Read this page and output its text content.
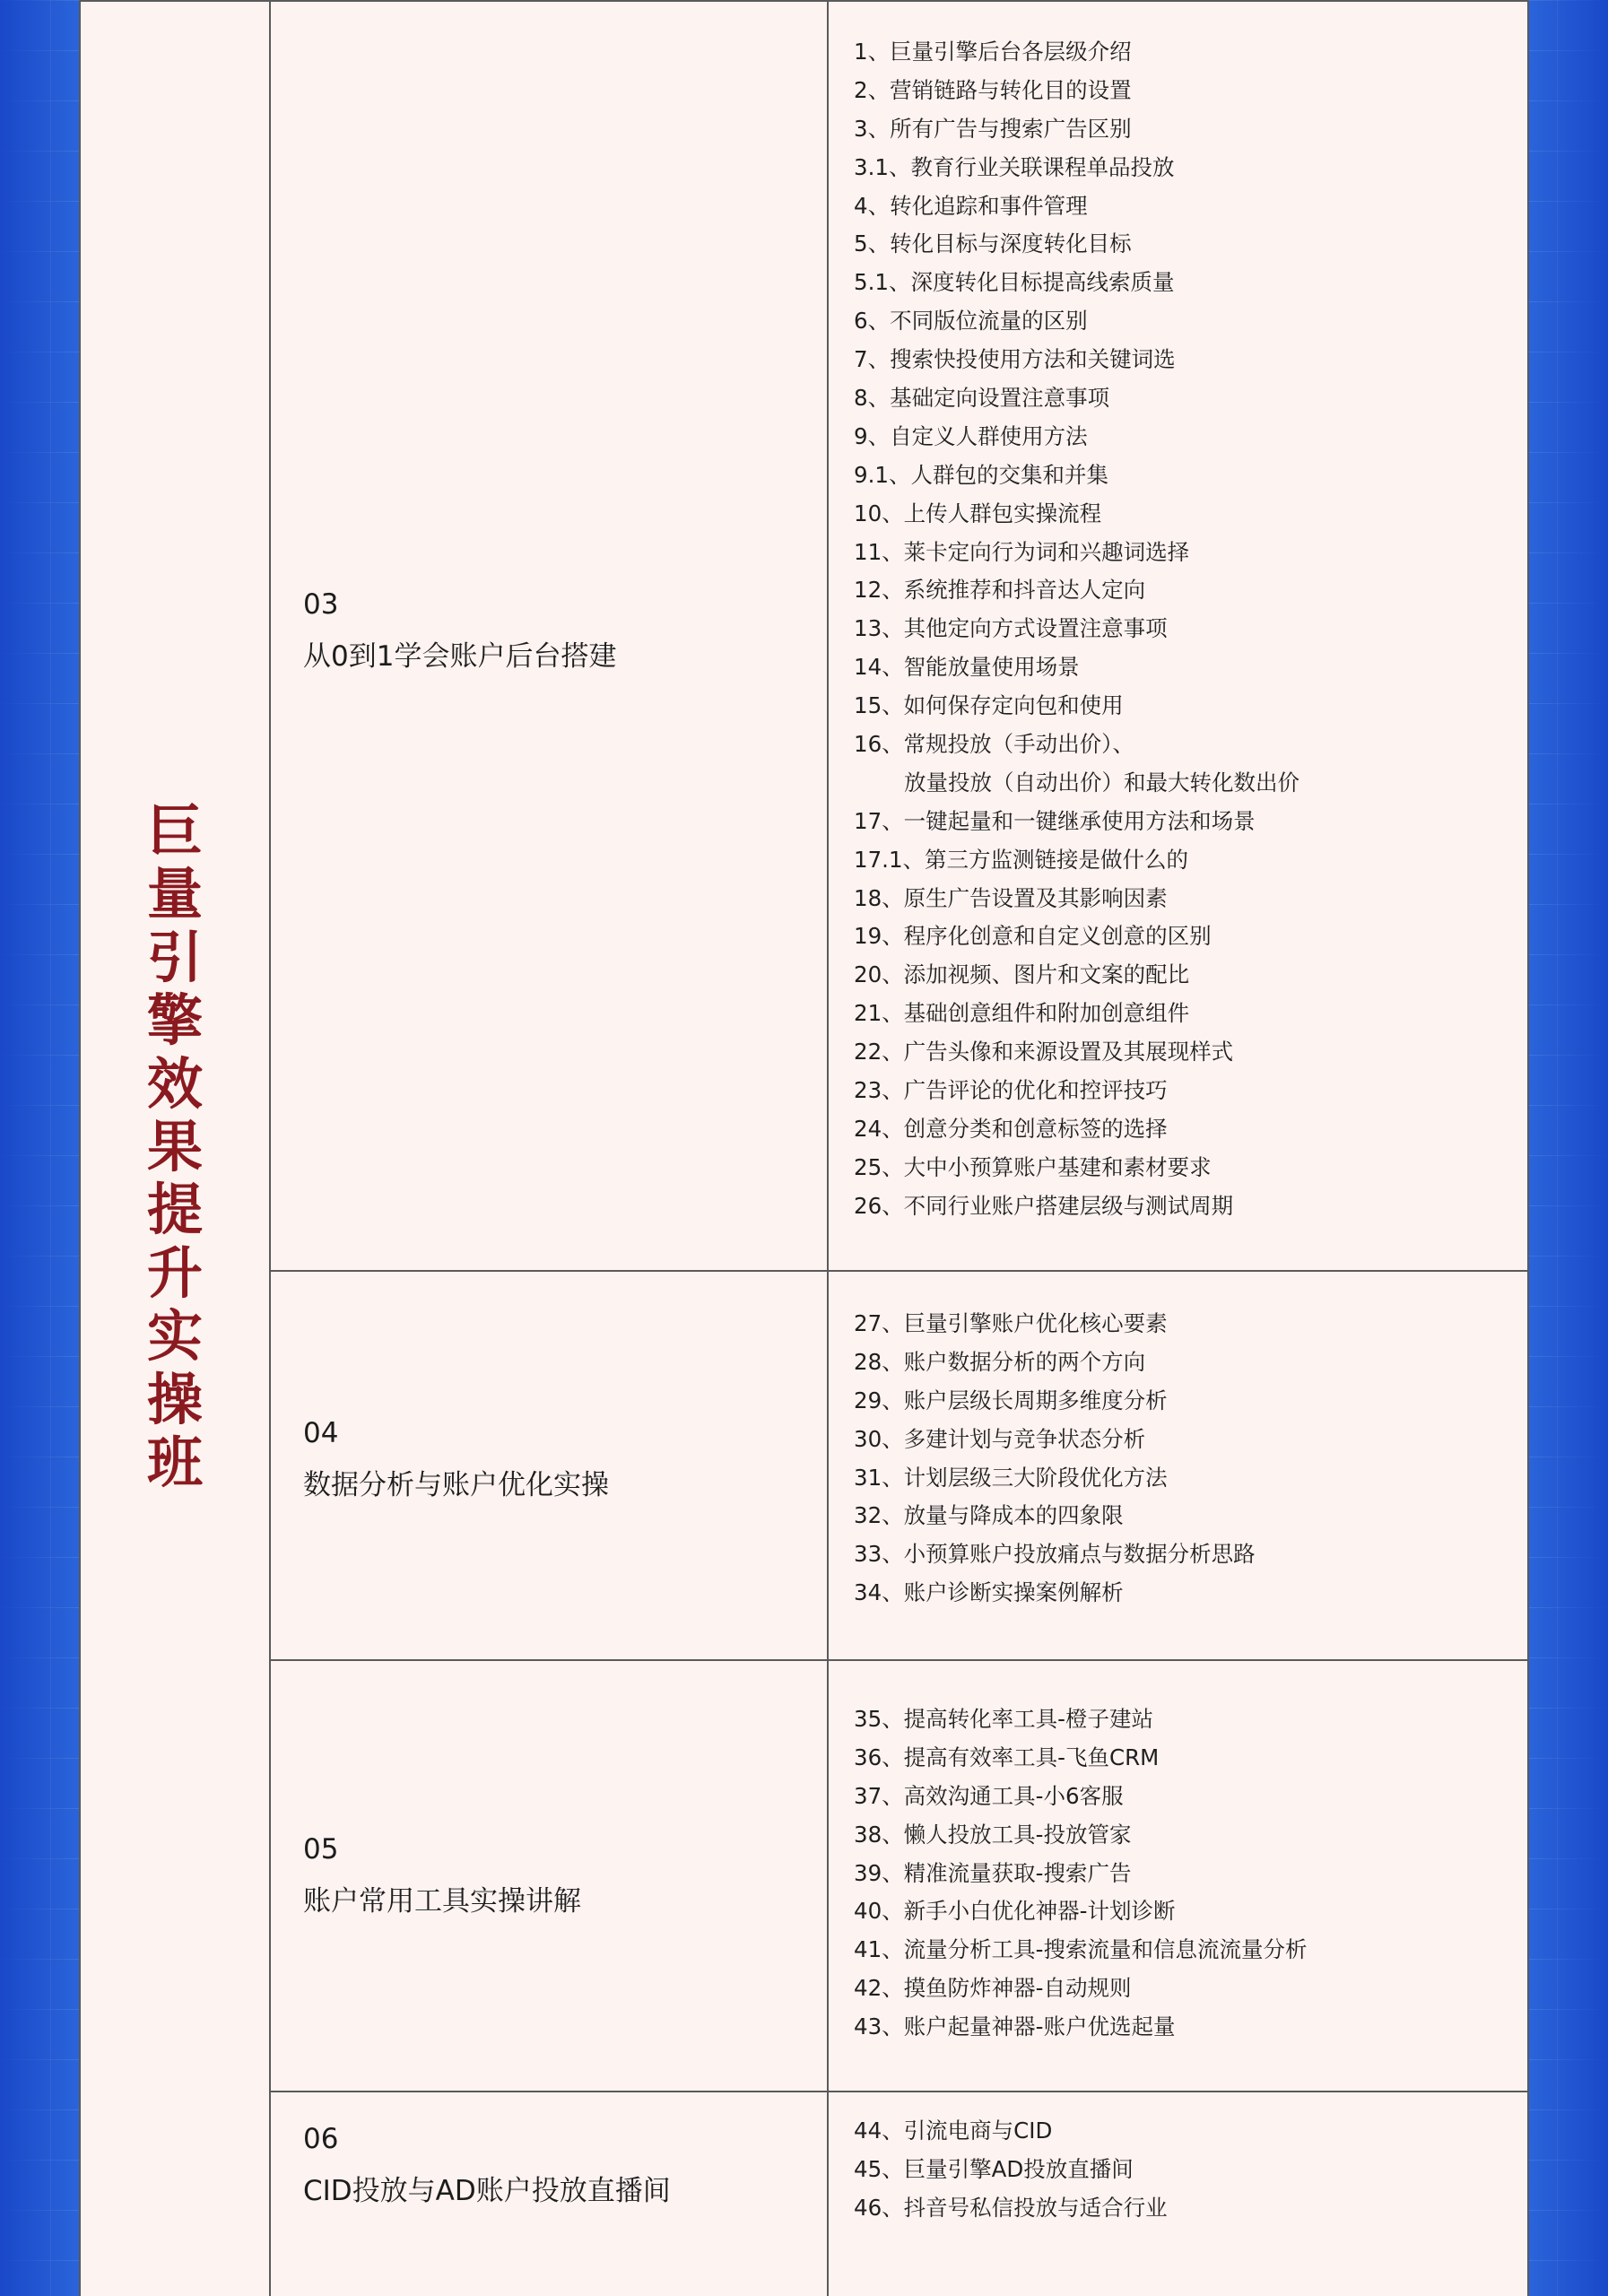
巨
量
引
擎
效
果
提
升
实
操
班
03
从0到1学会账户后台搭建
1、巨量引擎后台各层级介绍
2、营销链路与转化目的设置
3、所有广告与搜索广告区别
3.1、教育行业关联课程单品投放
4、转化追踪和事件管理
5、转化目标与深度转化目标
5.1、深度转化目标提高线索质量
6、不同版位流量的区别
7、搜索快投使用方法和关键词选
8、基础定向设置注意事项
9、自定义人群使用方法
9.1、人群包的交集和并集
10、上传人群包实操流程
11、莱卡定向行为词和兴趣词选择
12、系统推荐和抖音达人定向
13、其他定向方式设置注意事项
14、智能放量使用场景
15、如何保存定向包和使用
16、常规投放（手动出价）、
放量投放（自动出价）和最大转化数出价
17、一键起量和一键继承使用方法和场景
17.1、第三方监测链接是做什么的
18、原生广告设置及其影响因素
19、程序化创意和自定义创意的区别
20、添加视频、图片和文案的配比
21、基础创意组件和附加创意组件
22、广告头像和来源设置及其展现样式
23、广告评论的优化和控评技巧
24、创意分类和创意标签的选择
25、大中小预算账户基建和素材要求
26、不同行业账户搭建层级与测试周期
04
数据分析与账户优化实操
27、巨量引擎账户优化核心要素
28、账户数据分析的两个方向
29、账户层级长周期多维度分析
30、多建计划与竞争状态分析
31、计划层级三大阶段优化方法
32、放量与降成本的四象限
33、小预算账户投放痛点与数据分析思路
34、账户诊断实操案例解析
05
账户常用工具实操讲解
35、提高转化率工具-橙子建站
36、提高有效率工具-飞鱼CRM
37、高效沟通工具-小6客服
38、懒人投放工具-投放管家
39、精准流量获取-搜索广告
40、新手小白优化神器-计划诊断
41、流量分析工具-搜索流量和信息流流量分析
42、摸鱼防炸神器-自动规则
43、账户起量神器-账户优选起量
06
CID投放与AD账户投放直播间
44、引流电商与CID
45、巨量引擎AD投放直播间
46、抖音号私信投放与适合行业
